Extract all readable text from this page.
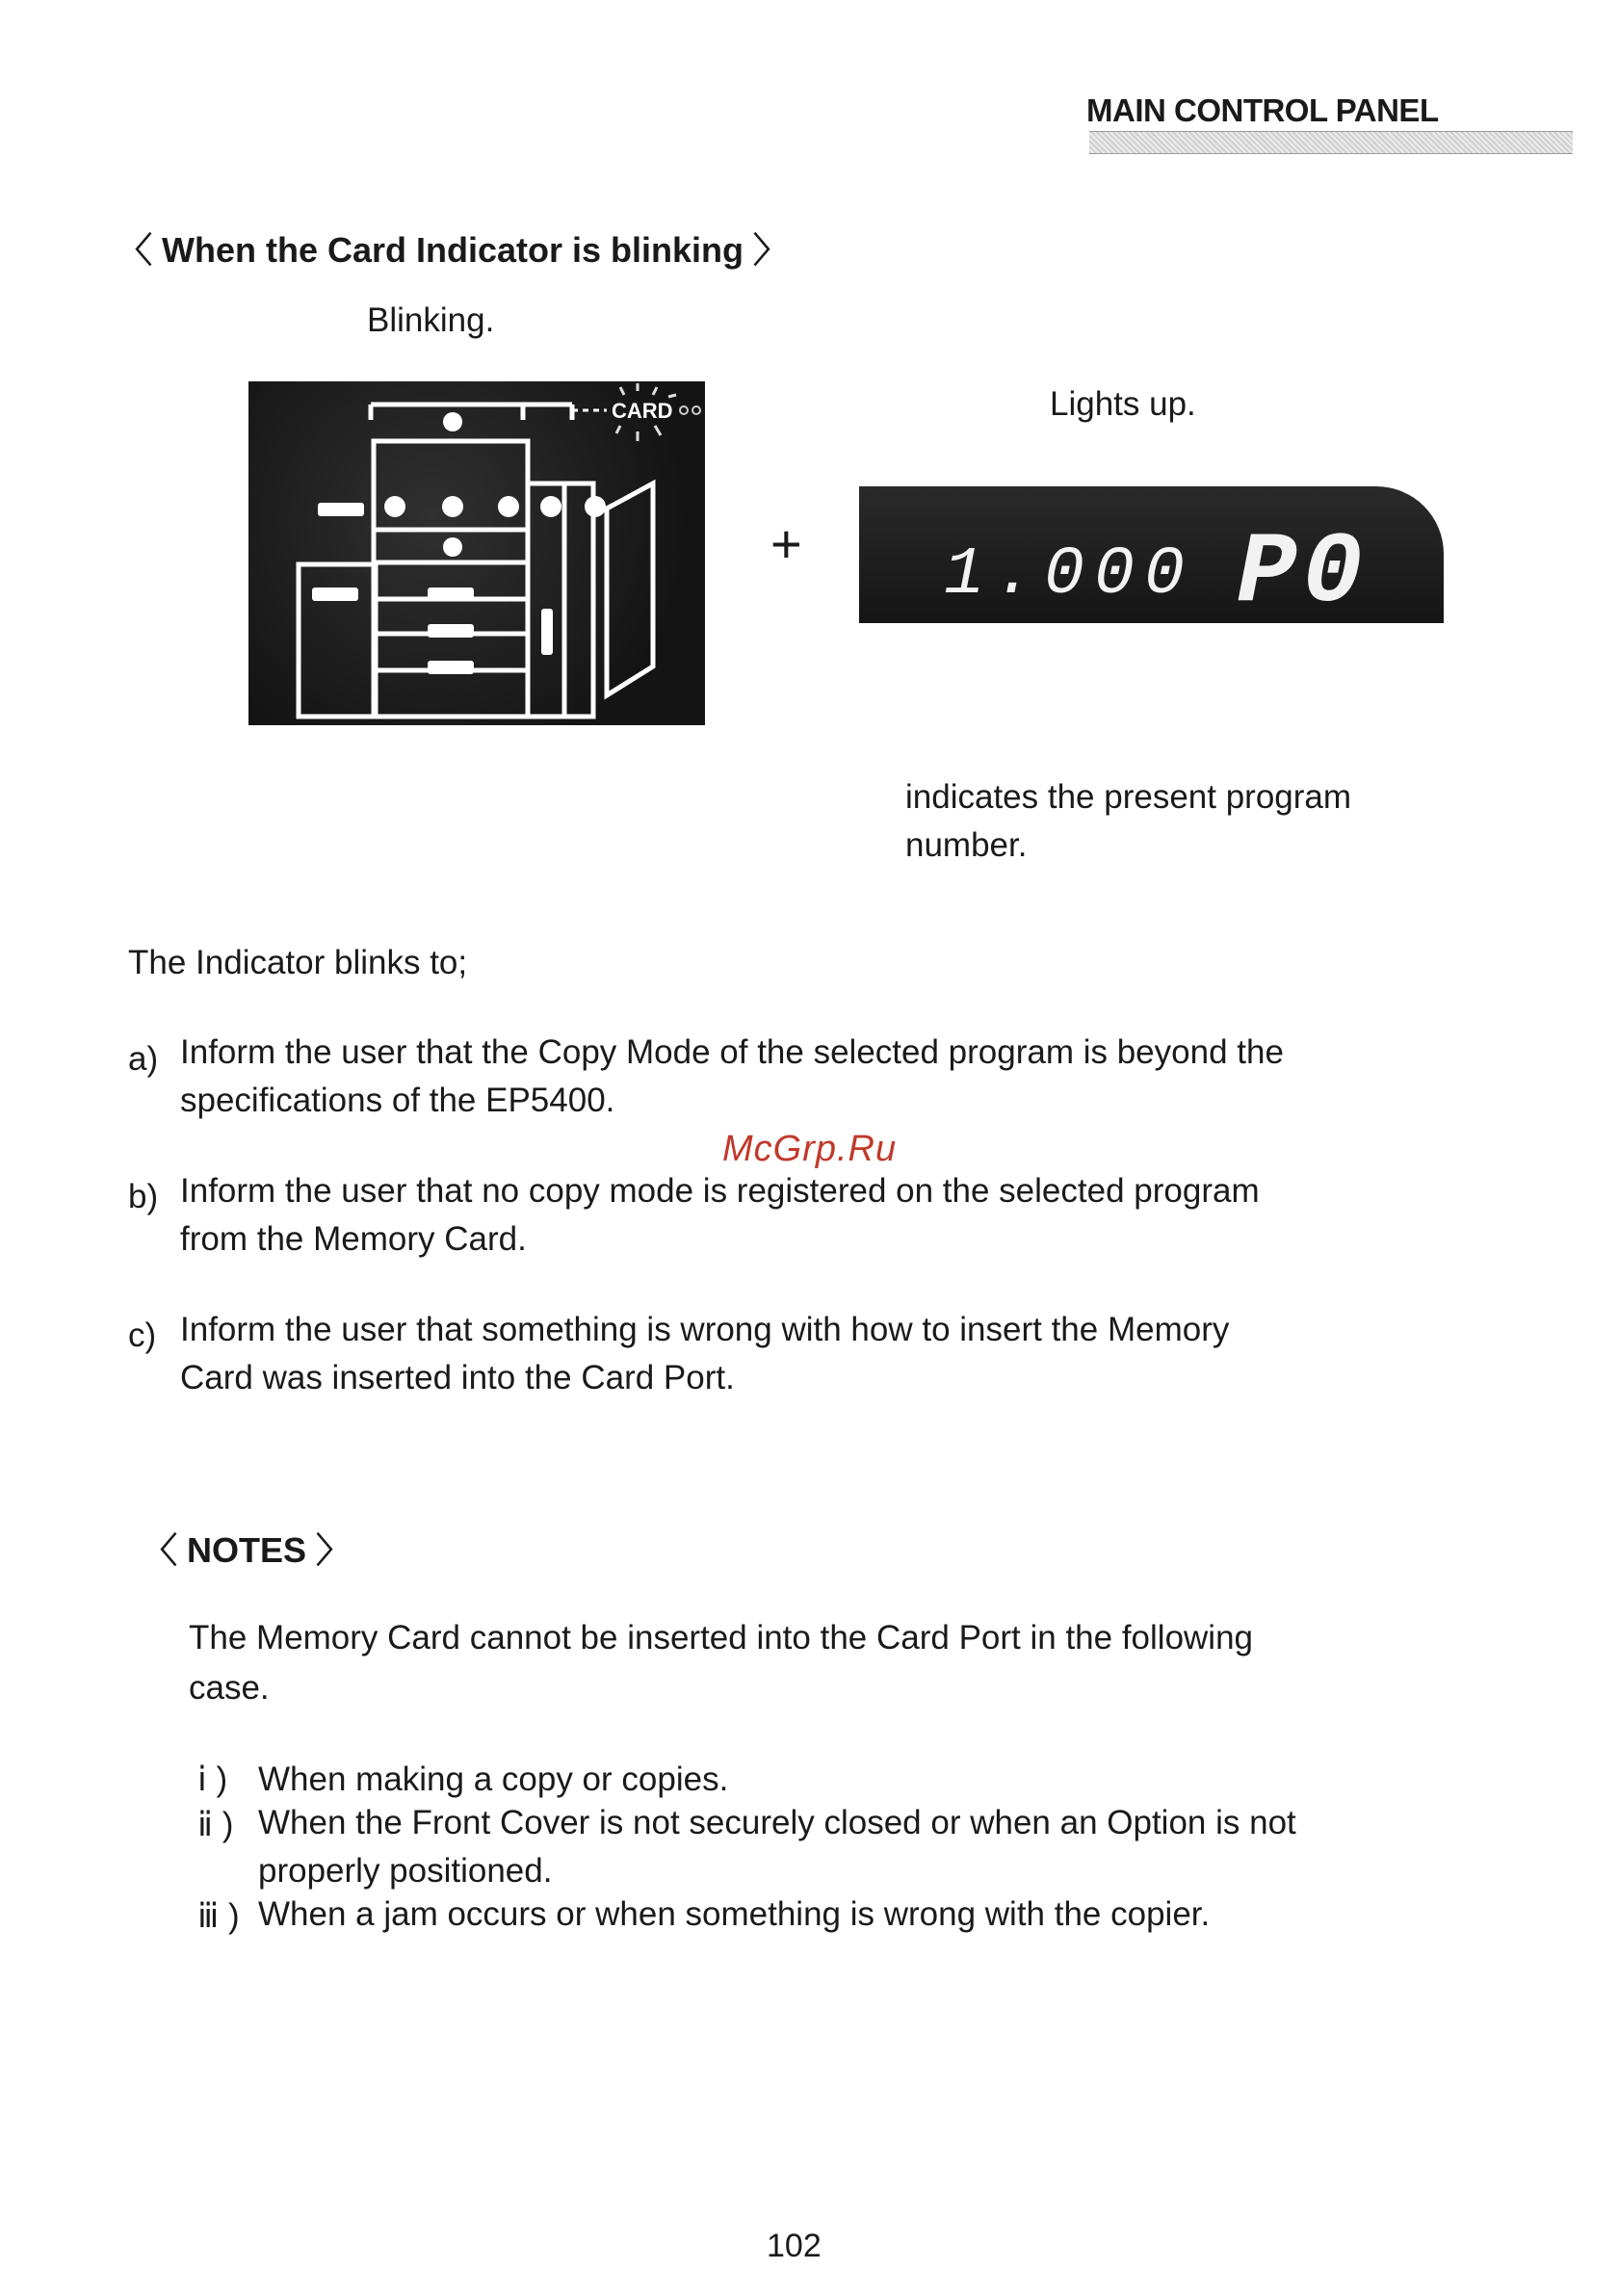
MAIN CONTROL PANEL
〈 When the Card Indicator is blinking 〉
Blinking.
Lights up.
CARD
+ 1.000 P0
indicates the present program
number.
The Indicator blinks to;
a) Inform the user that the Copy Mode of the selected program is beyond the
specifications of the EP5400.
McGrp.Ru
b) Inform the user that no copy mode is registered on the selected program
from the Memory Card.
c) Inform the user that something is wrong with how to insert the Memory
Card was inserted into the Card Port.
〈 NOTES 〉
The Memory Card cannot be inserted into the Card Port in the following
case.
ⅰ ) When making a copy or copies.
ⅱ ) When the Front Cover is not securely closed or when an Option is not
properly positioned.
ⅲ ) When a jam occurs or when something is wrong with the copier.
102
